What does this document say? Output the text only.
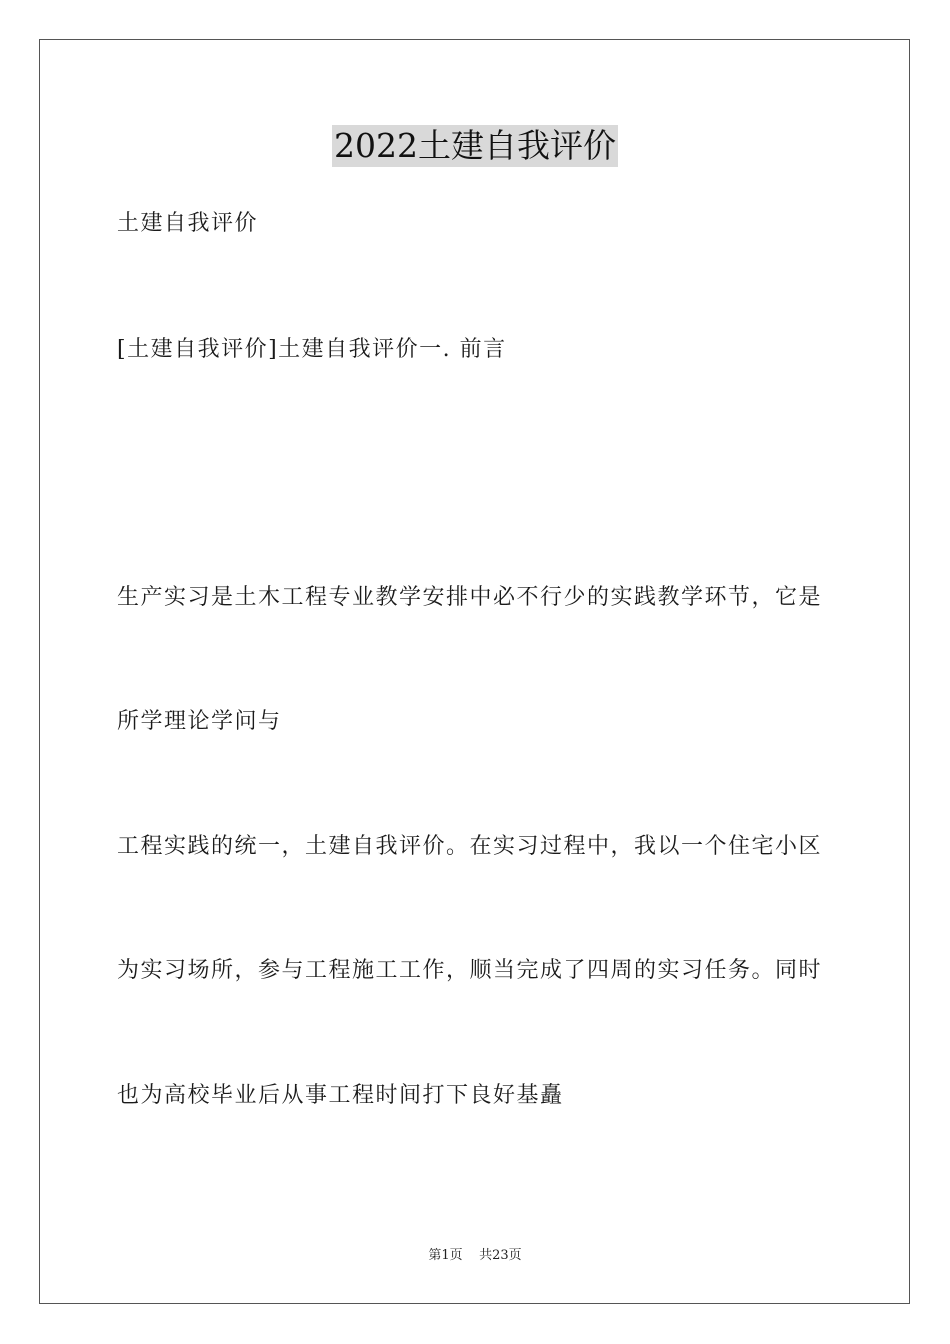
2022土建自我评价
土建自我评价
[土建自我评价]土建自我评价一. 前言
生产实习是土木工程专业教学安排中必不行少的实践教学环节，它是
所学理论学问与
工程实践的统一，土建自我评价。在实习过程中，我以一个住宅小区
为实习场所，参与工程施工工作，顺当完成了四周的实习任务。同时
也为高校毕业后从事工程时间打下良好基矗
第1页 共23页
